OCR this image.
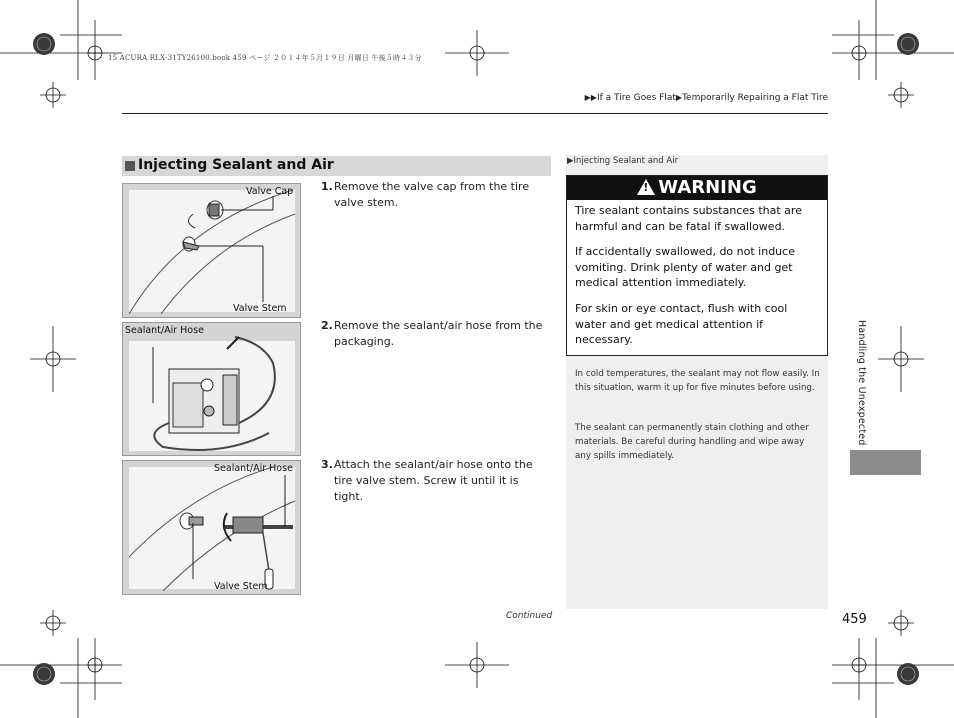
15 ACURA RLX-31TY26100.book 459 ページ ２０１４年５月１９日 月曜日 午後５時４３分
▶▶If a Tire Goes Flat▶Temporarily Repairing a Flat Tire
Injecting Sealant and Air
Valve Cap
Valve Stem
Sealant/Air Hose
Sealant/Air Hose
Valve Stem
1. Remove the valve cap from the tire valve stem.
2. Remove the sealant/air hose from the packaging.
3. Attach the sealant/air hose onto the tire valve stem. Screw it until it is tight.
Continued
▶Injecting Sealant and Air
!WARNING
Tire sealant contains substances that are harmful and can be fatal if swallowed.
If accidentally swallowed, do not induce vomiting. Drink plenty of water and get medical attention immediately.
For skin or eye contact, flush with cool water and get medical attention if necessary.
In cold temperatures, the sealant may not flow easily. In this situation, warm it up for five minutes before using.
The sealant can permanently stain clothing and other materials. Be careful during handling and wipe away any spills immediately.
Handling the Unexpected
459
